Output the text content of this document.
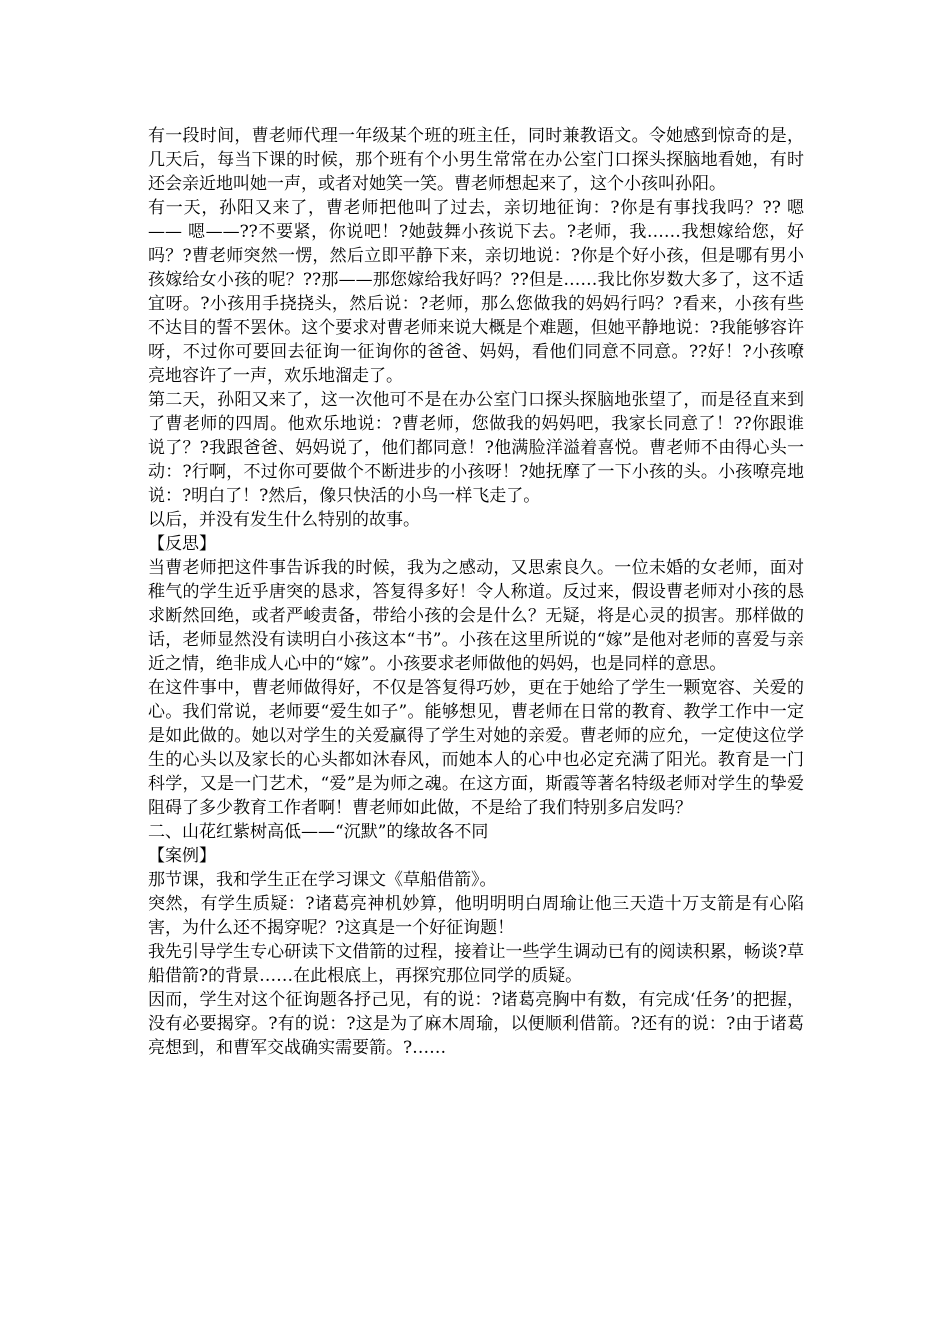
有一段时间，曹老师代理一年级某个班的班主任，同时兼教语文。令她感到惊奇的是，几天后，每当下课的时候，那个班有个小男生常常在办公室门口探头探脑地看她，有时还会亲近地叫她一声，或者对她笑一笑。曹老师想起来了，这个小孩叫孙阳。

有一天，孙阳又来了，曹老师把他叫了过去，亲切地征询：?你是有事找我吗？?? 嗯—— 嗯——??不要紧，你说吧！?她鼓舞小孩说下去。?老师，我……我想嫁给您，好吗？?曹老师突然一愣，然后立即平静下来，亲切地说：?你是个好小孩，但是哪有男小孩嫁给女小孩的呢？??那——那您嫁给我好吗？??但是……我比你岁数大多了，这不适宜呀。?小孩用手挠挠头，然后说：?老师，那么您做我的妈妈行吗？?看来，小孩有些不达目的誓不罢休。这个要求对曹老师来说大概是个难题，但她平静地说：?我能够容许呀，不过你可要回去征询一征询你的爸爸、妈妈，看他们同意不同意。??好！?小孩嘹亮地容许了一声，欢乐地溜走了。

第二天，孙阳又来了，这一次他可不是在办公室门口探头探脑地张望了，而是径直来到了曹老师的四周。他欢乐地说：?曹老师，您做我的妈妈吧，我家长同意了！??你跟谁说了？?我跟爸爸、妈妈说了，他们都同意！?他满脸洋溢着喜悦。曹老师不由得心头一动：?行啊，不过你可要做个不断进步的小孩呀！?她抚摩了一下小孩的头。小孩嘹亮地说：?明白了！?然后，像只快活的小鸟一样飞走了。

以后，并没有发生什么特别的故事。

【反思】

当曹老师把这件事告诉我的时候，我为之感动，又思索良久。一位未婚的女老师，面对稚气的学生近乎唐突的恳求，答复得多好！令人称道。反过来，假设曹老师对小孩的恳求断然回绝，或者严峻责备，带给小孩的会是什么？无疑，将是心灵的损害。那样做的话，老师显然没有读明白小孩这本“书”。小孩在这里所说的“嫁”是他对老师的喜爱与亲近之情，绝非成人心中的“嫁”。小孩要求老师做他的妈妈，也是同样的意思。

在这件事中，曹老师做得好，不仅是答复得巧妙，更在于她给了学生一颗宽容、关爱的心。我们常说，老师要“爱生如子”。能够想见，曹老师在日常的教育、教学工作中一定是如此做的。她以对学生的关爱赢得了学生对她的亲爱。曹老师的应允，一定使这位学生的心头以及家长的心头都如沐春风，而她本人的心中也必定充满了阳光。教育是一门科学，又是一门艺术，“爱”是为师之魂。在这方面，斯霞等著名特级老师对学生的挚爱阻碍了多少教育工作者啊！曹老师如此做，不是给了我们特别多启发吗？

二、山花红紫树高低——“沉默”的缘故各不同

【案例】

那节课，我和学生正在学习课文《草船借箭》。

突然，有学生质疑：?诸葛亮神机妙算，他明明明白周瑜让他三天造十万支箭是有心陷害，为什么还不揭穿呢？?这真是一个好征询题！

我先引导学生专心研读下文借箭的过程，接着让一些学生调动已有的阅读积累，畅谈?草船借箭?的背景……在此根底上，再探究那位同学的质疑。

因而，学生对这个征询题各抒己见，有的说：?诸葛亮胸中有数，有完成‘任务’的把握，没有必要揭穿。?有的说：?这是为了麻木周瑜，以便顺利借箭。?还有的说：?由于诸葛亮想到，和曹军交战确实需要箭。?……
